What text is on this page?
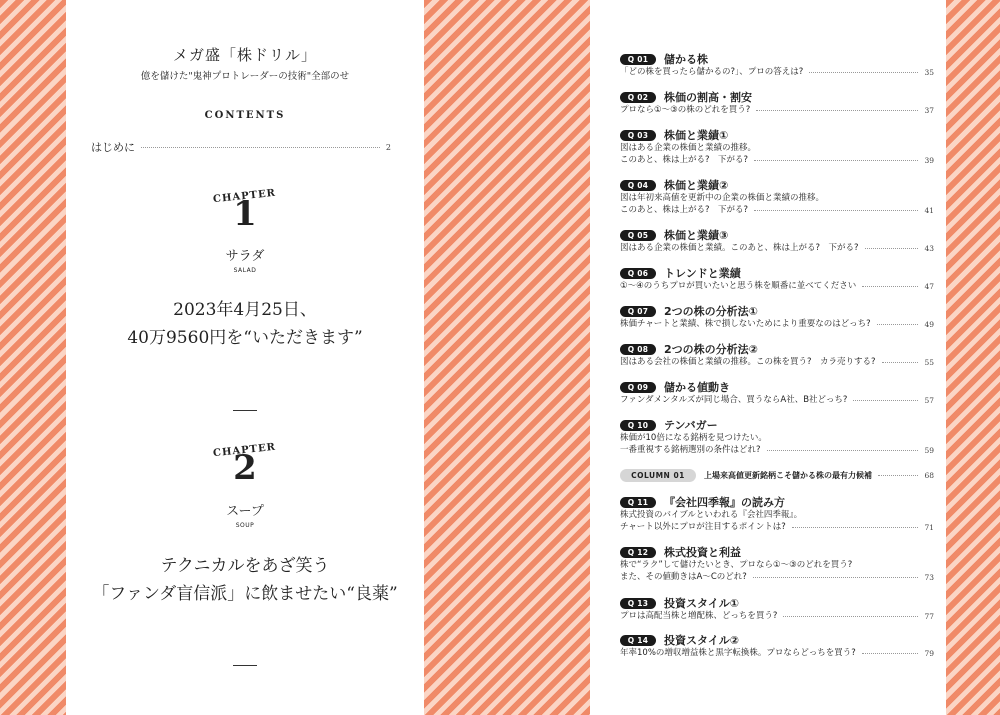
メガ盛「株ドリル」
億を儲けた"鬼神プロトレーダーの技術"全部のせ
CONTENTS
はじめに	2
CHAPTER
1
サラダ
SALAD
2023年4月25日、
40万9560円を“いただきます”
CHAPTER
2
スープ
SOUP
テクニカルをあざ笑う
「ファンダ盲信派」に飲ませたい“良薬”
Q 01	儲かる株
「どの株を買ったら儲かるの?」、プロの答えは?	35
Q 02	株価の割高・割安
プロなら①～③の株のどれを買う?	37
Q 03	株価と業績①
図はある企業の株価と業績の推移。
このあと、株は上がる?　下がる?	39
Q 04	株価と業績②
図は年初来高値を更新中の企業の株価と業績の推移。
このあと、株は上がる?　下がる?	41
Q 05	株価と業績③
図はある企業の株価と業績。このあと、株は上がる?　下がる?	43
Q 06	トレンドと業績
①～④のうちプロが買いたいと思う株を順番に並べてください	47
Q 07	2つの株の分析法①
株価チャートと業績、株で損しないためにより重要なのはどっち?	49
Q 08	2つの株の分析法②
図はある会社の株価と業績の推移。この株を買う?　カラ売りする?	55
Q 09	儲かる値動き
ファンダメンタルズが同じ場合、買うならA社、B社どっち?	57
Q 10	テンバガー
株価が10倍になる銘柄を見つけたい。
一番重視する銘柄選別の条件はどれ?	59
COLUMN 01	上場来高値更新銘柄こそ儲かる株の最有力候補	68
Q 11	『会社四季報』の読み方
株式投資のバイブルといわれる『会社四季報』。
チャート以外にプロが注目するポイントは?	71
Q 12	株式投資と利益
株で“ラク”して儲けたいとき、プロなら①～③のどれを買う?
また、その値動きはA～Cのどれ?	73
Q 13	投資スタイル①
プロは高配当株と増配株、どっちを買う?	77
Q 14	投資スタイル②
年率10%の増収増益株と黒字転換株。プロならどっちを買う?	79
